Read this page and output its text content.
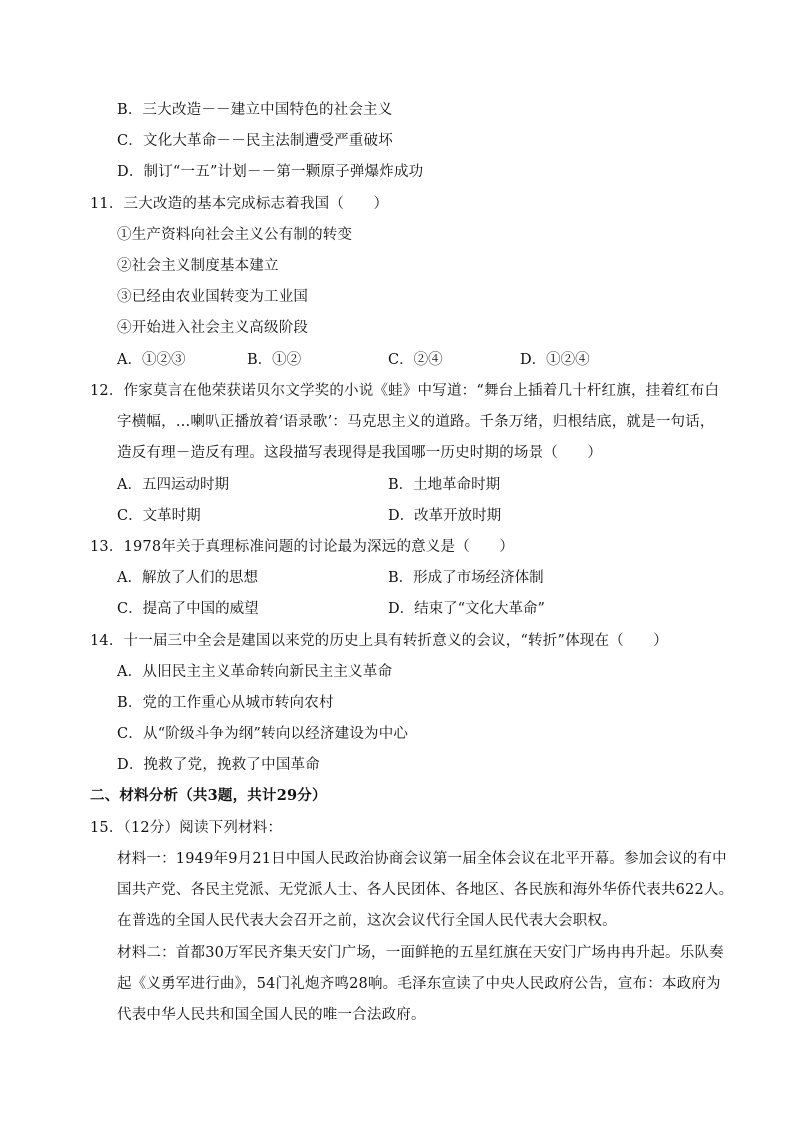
B．三大改造－－建立中国特色的社会主义
C．文化大革命－－民主法制遭受严重破坏
D．制订“一五”计划－－第一颗原子弹爆炸成功
11．三大改造的基本完成标志着我国（　　）
①生产资料向社会主义公有制的转变
②社会主义制度基本建立
③已经由农业国转变为工业国
④开始进入社会主义高级阶段
A．①②③	B．①②	C．②④	D．①②④
12．作家莫言在他荣获诺贝尔文学奖的小说《蛙》中写道：“舞台上插着几十杆红旗，挂着红布白
字横幅，…喇叭正播放着‘语录歌’：马克思主义的道路。千条万绪，归根结底，就是一句话，
造反有理－造反有理。这段描写表现得是我国哪一历史时期的场景（　　）
A．五四运动时期	B．土地革命时期
C．文革时期	D．改革开放时期
13．1978年关于真理标准问题的讨论最为深远的意义是（　　）
A．解放了人们的思想	B．形成了市场经济体制
C．提高了中国的威望	D．结束了“文化大革命”
14．十一届三中全会是建国以来党的历史上具有转折意义的会议，“转折”体现在（　　）
A．从旧民主主义革命转向新民主主义革命
B．党的工作重心从城市转向农村
C．从“阶级斗争为纲”转向以经济建设为中心
D．挽救了党，挽救了中国革命
二、材料分析（共3题，共计29分）
15．（12分）阅读下列材料：
材料一：1949年9月21日中国人民政治协商会议第一届全体会议在北平开幕。参加会议的有中
国共产党、各民主党派、无党派人士、各人民团体、各地区、各民族和海外华侨代表共622人。
在普选的全国人民代表大会召开之前，这次会议代行全国人民代表大会职权。
材料二：首都30万军民齐集天安门广场，一面鲜艳的五星红旗在天安门广场冉冉升起。乐队奏
起《义勇军进行曲》，54门礼炮齐鸣28响。毛泽东宣读了中央人民政府公告，宣布：本政府为
代表中华人民共和国全国人民的唯一合法政府。
